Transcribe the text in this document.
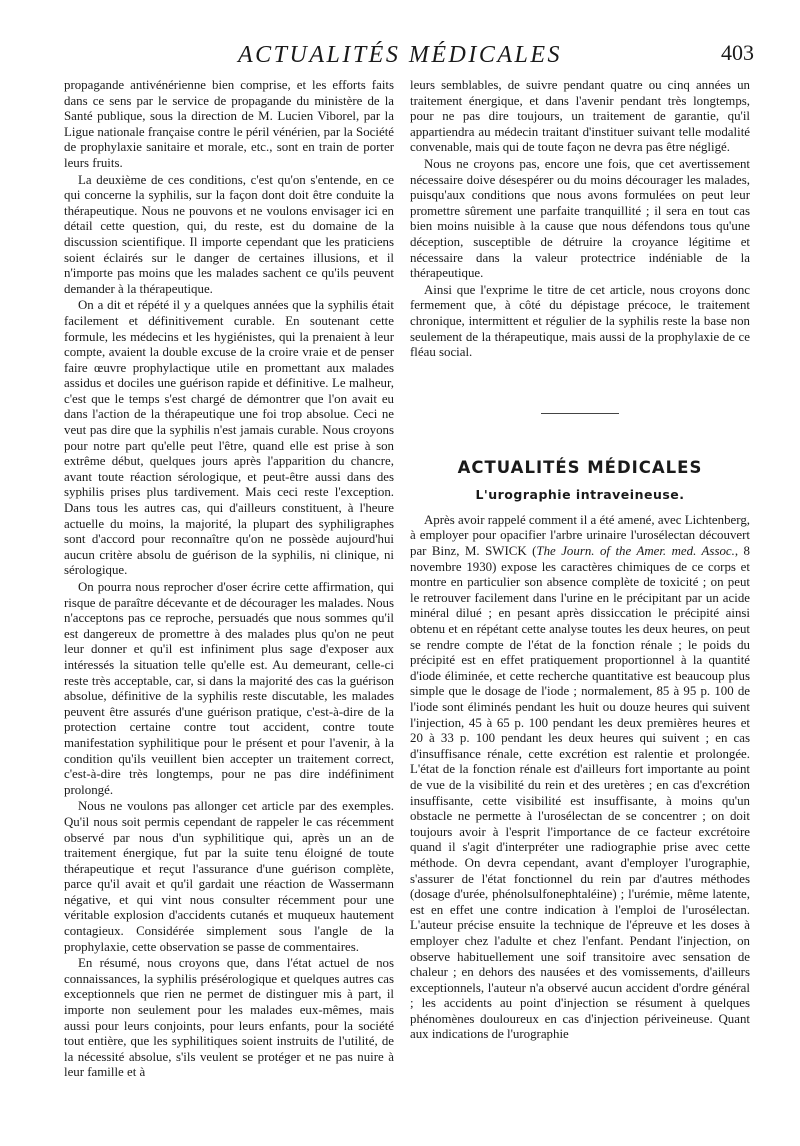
ACTUALITÉS MÉDICALES	403

propagande antivénérienne bien comprise, et les efforts faits dans ce sens par le service de propagande du ministère de la Santé publique, sous la direction de M. Lucien Viborel, par la Ligue nationale française contre le péril vénérien, par la Société de prophylaxie sanitaire et morale, etc., sont en train de porter leurs fruits.

La deuxième de ces conditions, c'est qu'on s'entende, en ce qui concerne la syphilis, sur la façon dont doit être conduite la thérapeutique. Nous ne pouvons et ne voulons envisager ici en détail cette question, qui, du reste, est du domaine de la discussion scientifique. Il importe cependant que les praticiens soient éclairés sur le danger de certaines illusions, et il n'importe pas moins que les malades sachent ce qu'ils peuvent demander à la thérapeutique.

On a dit et répété il y a quelques années que la syphilis était facilement et définitivement curable. En soutenant cette formule, les médecins et les hygiénistes, qui la prenaient à leur compte, avaient la double excuse de la croire vraie et de penser faire œuvre prophylactique utile en promettant aux malades assidus et dociles une guérison rapide et définitive. Le malheur, c'est que le temps s'est chargé de démontrer que l'on avait eu dans l'action de la thérapeutique une foi trop absolue. Ceci ne veut pas dire que la syphilis n'est jamais curable. Nous croyons pour notre part qu'elle peut l'être, quand elle est prise à son extrême début, quelques jours après l'apparition du chancre, avant toute réaction sérologique, et peut-être aussi dans des syphilis prises plus tardivement. Mais ceci reste l'exception. Dans tous les autres cas, qui d'ailleurs constituent, à l'heure actuelle du moins, la majorité, la plupart des syphiligraphes sont d'accord pour reconnaître qu'on ne possède aujourd'hui aucun critère absolu de guérison de la syphilis, ni clinique, ni sérologique.

On pourra nous reprocher d'oser écrire cette affirmation, qui risque de paraître décevante et de décourager les malades. Nous n'acceptons pas ce reproche, persuadés que nous sommes qu'il est dangereux de promettre à des malades plus qu'on ne peut leur donner et qu'il est infiniment plus sage d'exposer aux intéressés la situation telle qu'elle est. Au demeurant, celle-ci reste très acceptable, car, si dans la majorité des cas la guérison absolue, définitive de la syphilis reste discutable, les malades peuvent être assurés d'une guérison pratique, c'est-à-dire de la protection certaine contre tout accident, contre toute manifestation syphilitique pour le présent et pour l'avenir, à la condition qu'ils veuillent bien accepter un traitement correct, c'est-à-dire très longtemps, pour ne pas dire indéfiniment prolongé.

Nous ne voulons pas allonger cet article par des exemples. Qu'il nous soit permis cependant de rappeler le cas récemment observé par nous d'un syphilitique qui, après un an de traitement énergique, fut par la suite tenu éloigné de toute thérapeutique et reçut l'assurance d'une guérison complète, parce qu'il avait et qu'il gardait une réaction de Wassermann négative, et qui vint nous consulter récemment pour une véritable explosion d'accidents cutanés et muqueux hautement contagieux. Considérée simplement sous l'angle de la prophylaxie, cette observation se passe de commentaires.

En résumé, nous croyons que, dans l'état actuel de nos connaissances, la syphilis présérologique et quelques autres cas exceptionnels que rien ne permet de distinguer mis à part, il importe non seulement pour les malades eux-mêmes, mais aussi pour leurs conjoints, pour leurs enfants, pour la société tout entière, que les syphilitiques soient instruits de l'utilité, de la nécessité absolue, s'ils veulent se protéger et ne pas nuire à leur famille et à

leurs semblables, de suivre pendant quatre ou cinq années un traitement énergique, et dans l'avenir pendant très longtemps, pour ne pas dire toujours, un traitement de garantie, qu'il appartiendra au médecin traitant d'instituer suivant telle modalité convenable, mais qui de toute façon ne devra pas être négligé.

Nous ne croyons pas, encore une fois, que cet avertissement nécessaire doive désespérer ou du moins décourager les malades, puisqu'aux conditions que nous avons formulées on peut leur promettre sûrement une parfaite tranquillité ; il sera en tout cas bien moins nuisible à la cause que nous défendons tous qu'une déception, susceptible de détruire la croyance légitime et nécessaire dans la valeur protectrice indéniable de la thérapeutique.

Ainsi que l'exprime le titre de cet article, nous croyons donc fermement que, à côté du dépistage précoce, le traitement chronique, intermittent et régulier de la syphilis reste la base non seulement de la thérapeutique, mais aussi de la prophylaxie de ce fléau social.

ACTUALITÉS MÉDICALES
L'urographie intraveineuse.

Après avoir rappelé comment il a été amené, avec Lichtenberg, à employer pour opacifier l'arbre urinaire l'urosélectan découvert par Binz, M. SWICK (The Journ. of the Amer. med. Assoc., 8 novembre 1930) expose les caractères chimiques de ce corps et montre en particulier son absence complète de toxicité ; on peut le retrouver facilement dans l'urine en le précipitant par un acide minéral dilué ; en pesant après dissiccation le précipité ainsi obtenu et en répétant cette analyse toutes les deux heures, on peut se rendre compte de l'état de la fonction rénale ; le poids du précipité est en effet pratiquement proportionnel à la quantité d'iode éliminée, et cette recherche quantitative est beaucoup plus simple que le dosage de l'iode ; normalement, 85 à 95 p. 100 de l'iode sont éliminés pendant les huit ou douze heures qui suivent l'injection, 45 à 65 p. 100 pendant les deux premières heures et 20 à 33 p. 100 pendant les deux heures qui suivent ; en cas d'insuffisance rénale, cette excrétion est ralentie et prolongée. L'état de la fonction rénale est d'ailleurs fort importante au point de vue de la visibilité du rein et des uretères ; en cas d'excrétion insuffisante, cette visibilité est insuffisante, à moins qu'un obstacle ne permette à l'urosélectan de se concentrer ; on doit toujours avoir à l'esprit l'importance de ce facteur excrétoire quand il s'agit d'interpréter une radiographie prise avec cette méthode. On devra cependant, avant d'employer l'urographie, s'assurer de l'état fonctionnel du rein par d'autres méthodes (dosage d'urée, phénolsulfonephtaléine) ; l'urémie, même latente, est en effet une contre indication à l'emploi de l'urosélectan. L'auteur précise ensuite la technique de l'épreuve et les doses à employer chez l'adulte et chez l'enfant. Pendant l'injection, on observe habituellement une soif transitoire avec sensation de chaleur ; en dehors des nausées et des vomissements, d'ailleurs exceptionnels, l'auteur n'a observé aucun accident d'ordre général ; les accidents au point d'injection se résument à quelques phénomènes douloureux en cas d'injection périveineuse. Quant aux indications de l'urographie
